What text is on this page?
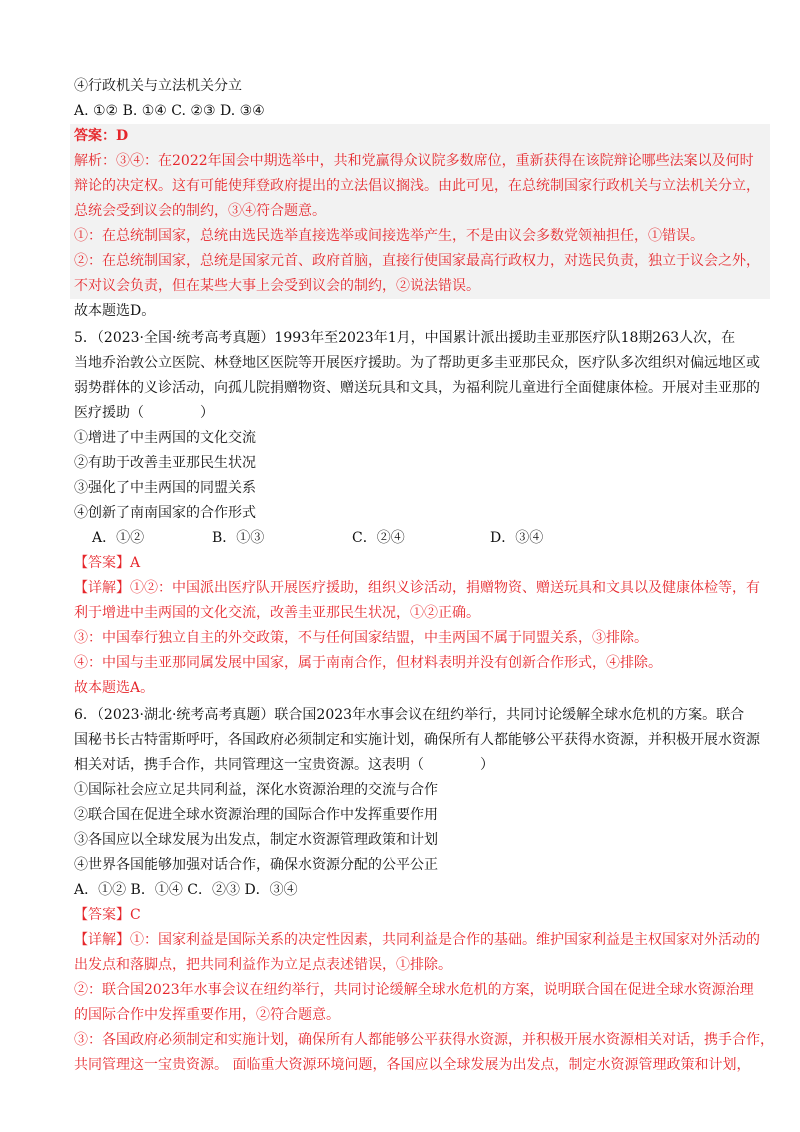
④行政机关与立法机关分立
A. ①② B. ①④ C. ②③ D. ③④
答案：D
解析：③④：在2022年国会中期选举中，共和党赢得众议院多数席位，重新获得在该院辩论哪些法案以及何时
辩论的决定权。这有可能使拜登政府提出的立法倡议搁浅。由此可见，在总统制国家行政机关与立法机关分立，
总统会受到议会的制约，③④符合题意。
①：在总统制国家，总统由选民选举直接选举或间接选举产生，不是由议会多数党领袖担任，①错误。
②：在总统制国家，总统是国家元首、政府首脑，直接行使国家最高行政权力，对选民负责，独立于议会之外，
不对议会负责，但在某些大事上会受到议会的制约，②说法错误。
故本题选D。
5．（2023·全国·统考高考真题）1993年至2023年1月，中国累计派出援助圭亚那医疗队18期263人次，在
当地乔治敦公立医院、林登地区医院等开展医疗援助。为了帮助更多圭亚那民众，医疗队多次组织对偏远地区或
弱势群体的义诊活动，向孤儿院捐赠物资、赠送玩具和文具，为福利院儿童进行全面健康体检。开展对圭亚那的
医疗援助（　　　　）
①增进了中圭两国的文化交流
②有助于改善圭亚那民生状况
③强化了中圭两国的同盟关系
④创新了南南国家的合作形式
A．①②	B．①③	C．②④	D．③④
【答案】A
【详解】①②：中国派出医疗队开展医疗援助，组织义诊活动，捐赠物资、赠送玩具和文具以及健康体检等，有
利于增进中圭两国的文化交流，改善圭亚那民生状况，①②正确。
③：中国奉行独立自主的外交政策，不与任何国家结盟，中圭两国不属于同盟关系，③排除。
④：中国与圭亚那同属发展中国家，属于南南合作，但材料表明并没有创新合作形式，④排除。
故本题选A。
6．（2023·湖北·统考高考真题）联合国2023年水事会议在纽约举行，共同讨论缓解全球水危机的方案。联合
国秘书长古特雷斯呼吁，各国政府必须制定和实施计划，确保所有人都能够公平获得水资源，并积极开展水资源
相关对话，携手合作，共同管理这一宝贵资源。这表明（　　　　）
①国际社会应立足共同利益，深化水资源治理的交流与合作
②联合国在促进全球水资源治理的国际合作中发挥重要作用
③各国应以全球发展为出发点，制定水资源管理政策和计划
④世界各国能够加强对话合作，确保水资源分配的公平公正
A．①② B．①④ C．②③ D．③④
【答案】C
【详解】①：国家利益是国际关系的决定性因素，共同利益是合作的基础。维护国家利益是主权国家对外活动的
出发点和落脚点，把共同利益作为立足点表述错误，①排除。
②：联合国2023年水事会议在纽约举行，共同讨论缓解全球水危机的方案，说明联合国在促进全球水资源治理
的国际合作中发挥重要作用，②符合题意。
③：各国政府必须制定和实施计划，确保所有人都能够公平获得水资源，并积极开展水资源相关对话，携手合作，
共同管理这一宝贵资源。 面临重大资源环境问题，各国应以全球发展为出发点，制定水资源管理政策和计划，
